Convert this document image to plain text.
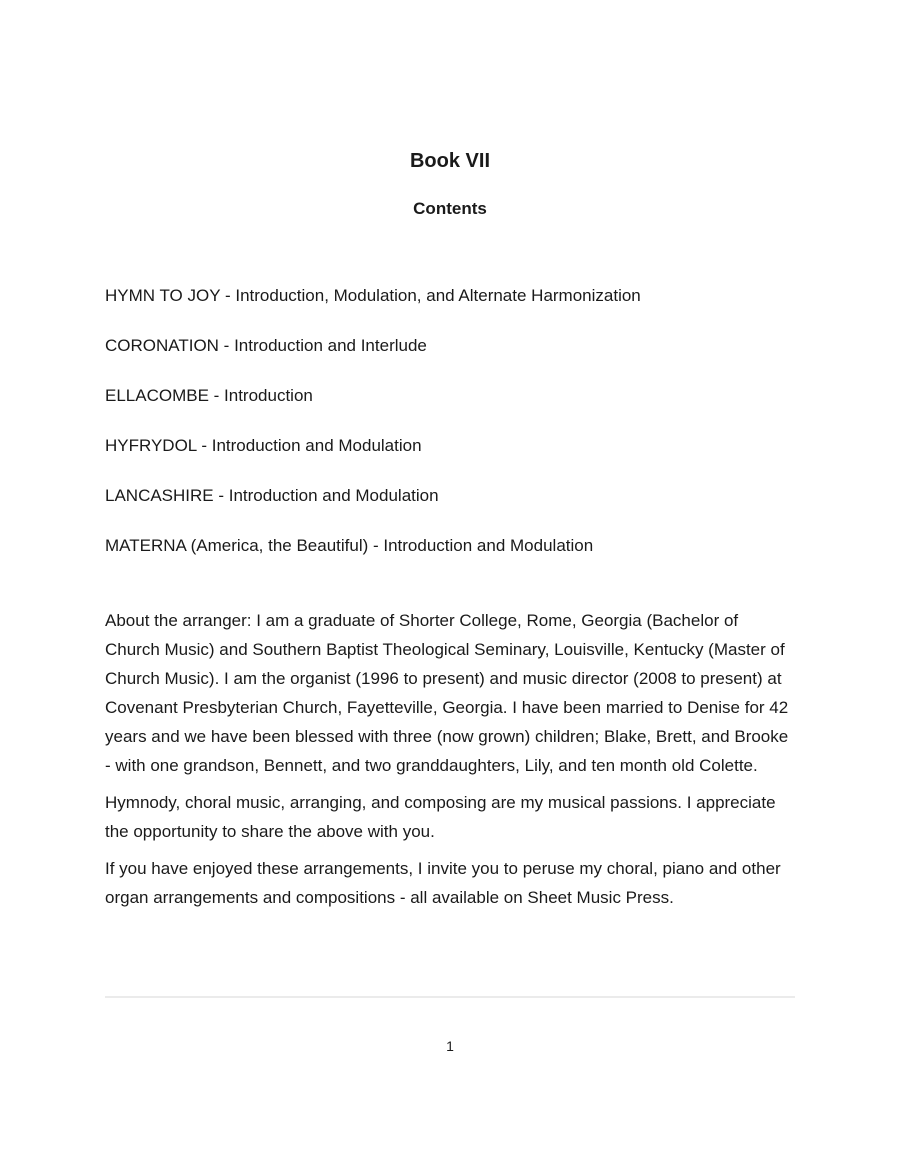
Book VII
Contents
HYMN TO JOY - Introduction, Modulation, and Alternate Harmonization
CORONATION - Introduction and Interlude
ELLACOMBE - Introduction
HYFRYDOL - Introduction and Modulation
LANCASHIRE - Introduction and Modulation
MATERNA (America, the Beautiful) - Introduction and Modulation

About the arranger: I am a graduate of Shorter College, Rome, Georgia (Bachelor of Church Music) and Southern Baptist Theological Seminary, Louisville, Kentucky (Master of Church Music). I am the organist (1996 to present) and music director (2008 to present) at Covenant Presbyterian Church, Fayetteville, Georgia. I have been married to Denise for 42 years and we have been blessed with three (now grown) children; Blake, Brett, and Brooke - with one grandson, Bennett, and two granddaughters, Lily, and ten month old Colette.

Hymnody, choral music, arranging, and composing are my musical passions. I appreciate the opportunity to share the above with you.

If you have enjoyed these arrangements, I invite you to peruse my choral, piano and other organ arrangements and compositions - all available on Sheet Music Press.

1
